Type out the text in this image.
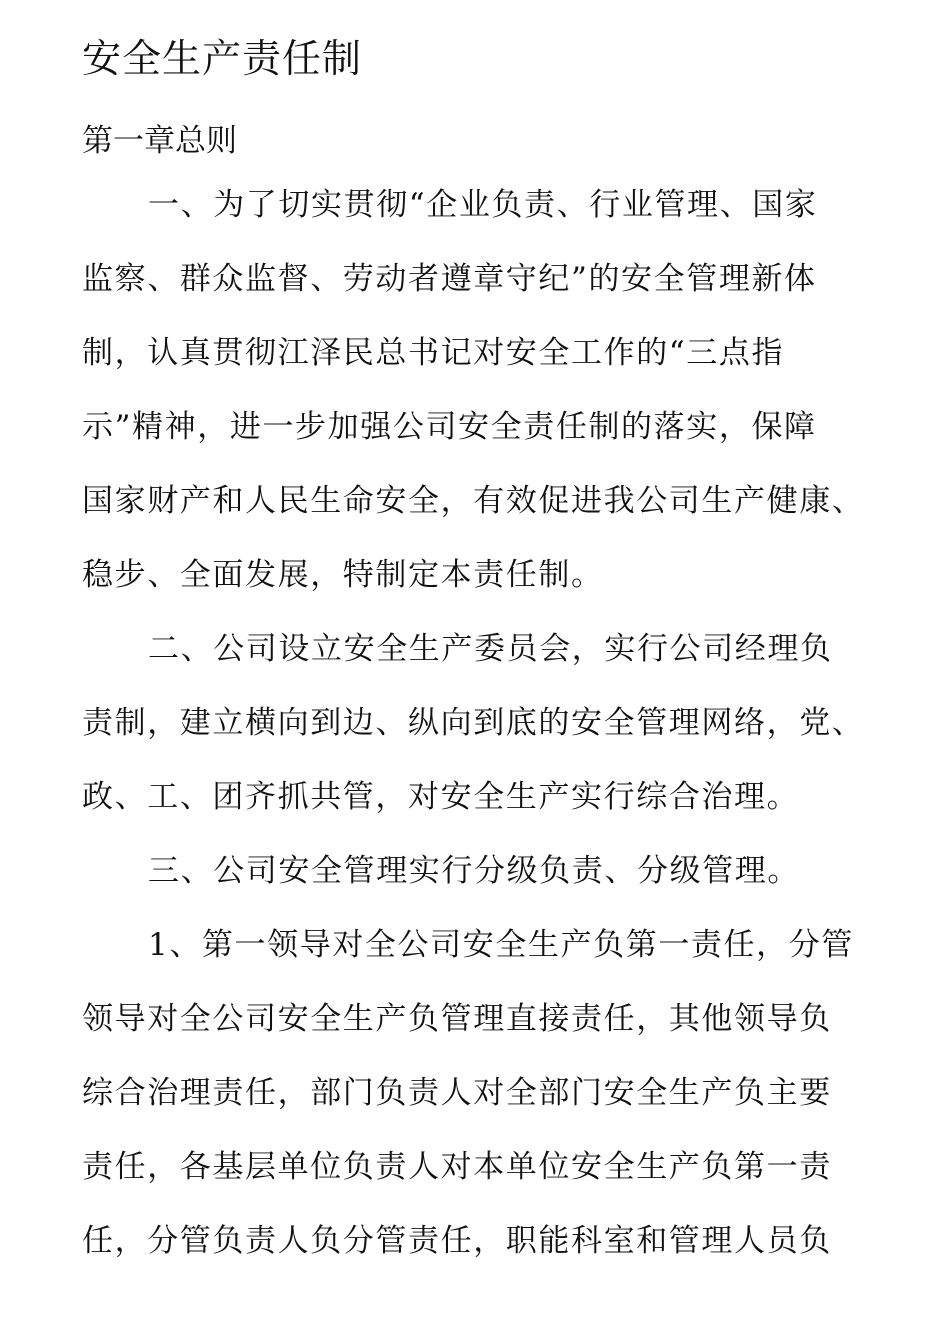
安全生产责任制
第一章总则

一、为了切实贯彻“企业负责、行业管理、国家

监察、群众监督、劳动者遵章守纪”的安全管理新体

制，认真贯彻江泽民总书记对安全工作的“三点指

示”精神，进一步加强公司安全责任制的落实，保障

国家财产和人民生命安全，有效促进我公司生产健康、

稳步、全面发展，特制定本责任制。

二、公司设立安全生产委员会，实行公司经理负

责制，建立横向到边、纵向到底的安全管理网络，党、

政、工、团齐抓共管，对安全生产实行综合治理。

三、公司安全管理实行分级负责、分级管理。

1、第一领导对全公司安全生产负第一责任，分管

领导对全公司安全生产负管理直接责任，其他领导负

综合治理责任，部门负责人对全部门安全生产负主要

责任，各基层单位负责人对本单位安全生产负第一责

任，分管负责人负分管责任，职能科室和管理人员负
